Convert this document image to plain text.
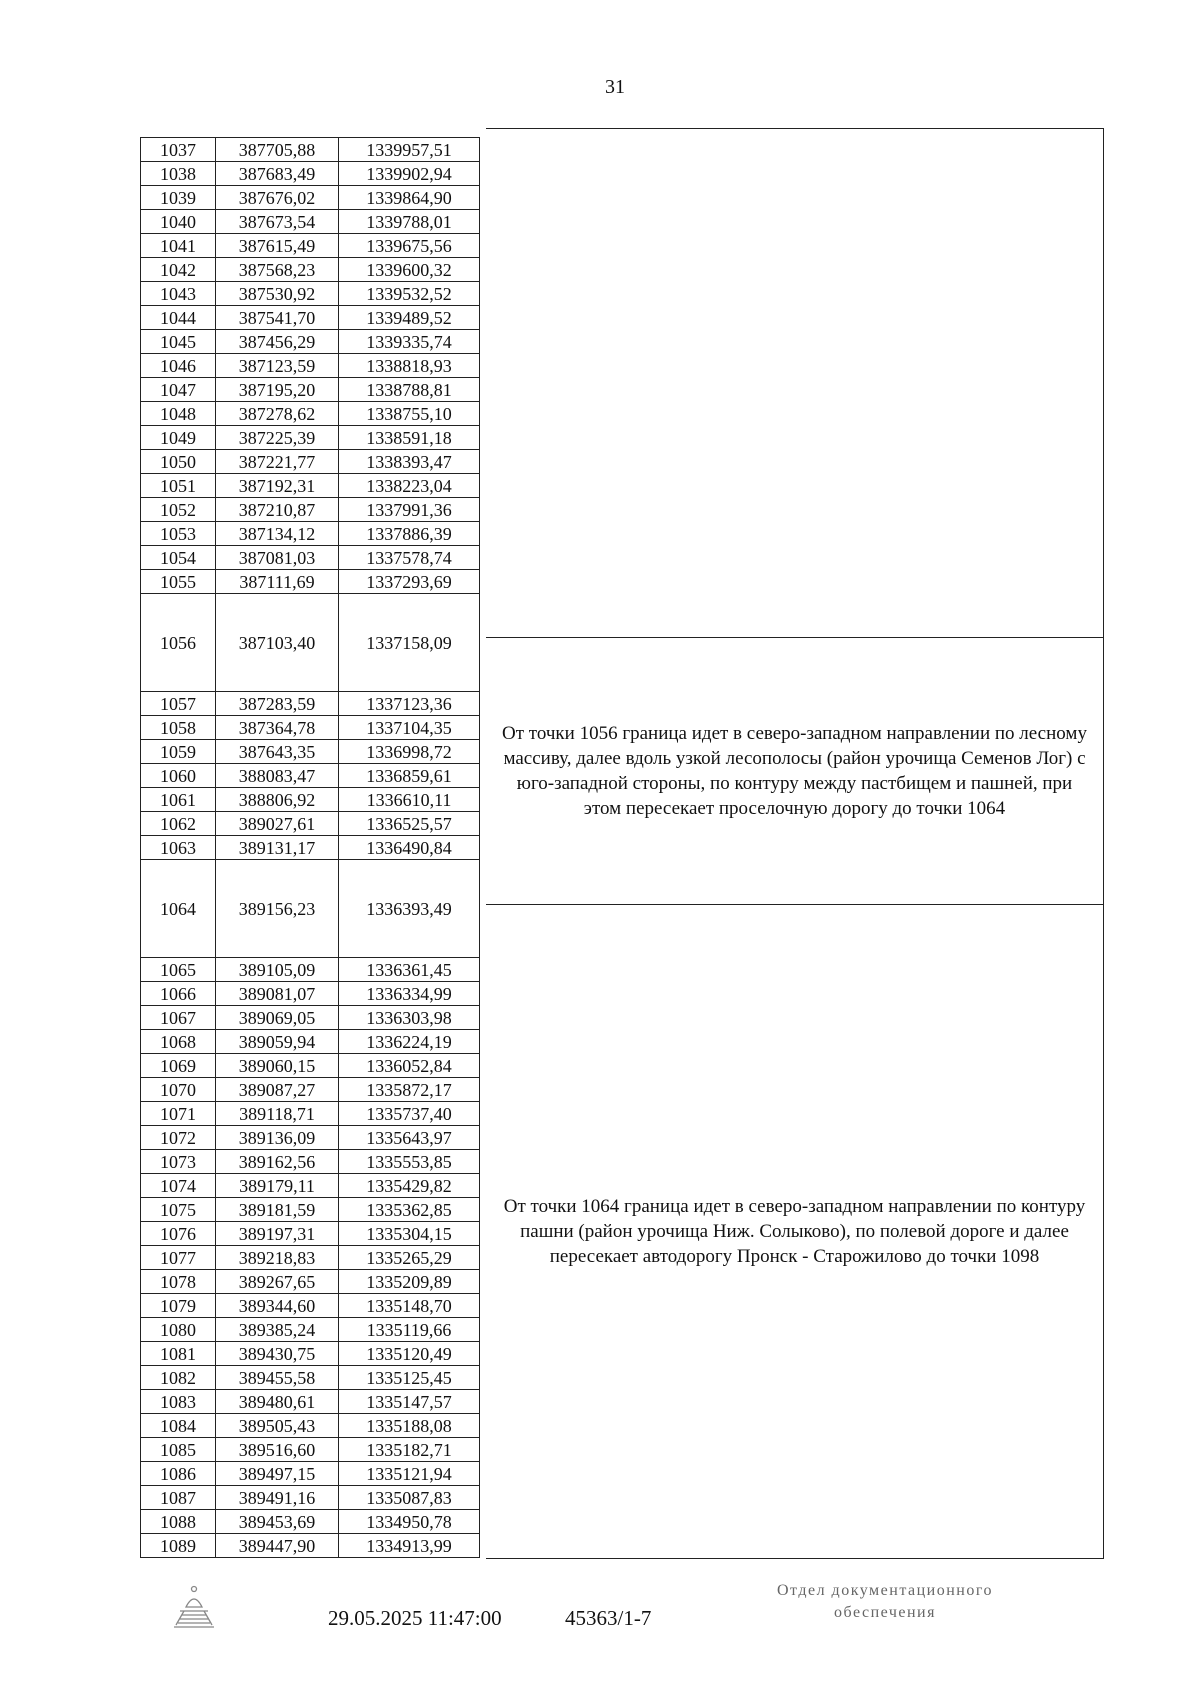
31
1037	387705,88	1339957,51
1038	387683,49	1339902,94
1039	387676,02	1339864,90
1040	387673,54	1339788,01
1041	387615,49	1339675,56
1042	387568,23	1339600,32
1043	387530,92	1339532,52
1044	387541,70	1339489,52
1045	387456,29	1339335,74
1046	387123,59	1338818,93
1047	387195,20	1338788,81
1048	387278,62	1338755,10
1049	387225,39	1338591,18
1050	387221,77	1338393,47
1051	387192,31	1338223,04
1052	387210,87	1337991,36
1053	387134,12	1337886,39
1054	387081,03	1337578,74
1055	387111,69	1337293,69
1056	387103,40	1337158,09
1057	387283,59	1337123,36
1058	387364,78	1337104,35
1059	387643,35	1336998,72
1060	388083,47	1336859,61
1061	388806,92	1336610,11
1062	389027,61	1336525,57
1063	389131,17	1336490,84
1064	389156,23	1336393,49
1065	389105,09	1336361,45
1066	389081,07	1336334,99
1067	389069,05	1336303,98
1068	389059,94	1336224,19
1069	389060,15	1336052,84
1070	389087,27	1335872,17
1071	389118,71	1335737,40
1072	389136,09	1335643,97
1073	389162,56	1335553,85
1074	389179,11	1335429,82
1075	389181,59	1335362,85
1076	389197,31	1335304,15
1077	389218,83	1335265,29
1078	389267,65	1335209,89
1079	389344,60	1335148,70
1080	389385,24	1335119,66
1081	389430,75	1335120,49
1082	389455,58	1335125,45
1083	389480,61	1335147,57
1084	389505,43	1335188,08
1085	389516,60	1335182,71
1086	389497,15	1335121,94
1087	389491,16	1335087,83
1088	389453,69	1334950,78
1089	389447,90	1334913,99
От точки 1056 граница идет в северо-западном направлении по лесному массиву, далее вдоль узкой лесополосы (район урочища Семенов Лог) с юго-западной стороны, по контуру между пастбищем и пашней, при этом пересекает проселочную дорогу до точки 1064
От точки 1064 граница идет в северо-западном направлении по контуру пашни (район урочища Ниж. Солыково), по полевой дороге и далее пересекает автодорогу Пронск - Старожилово до точки 1098
29.05.2025 11:47:00	45363/1-7
Отдел документационного
обеспечения
